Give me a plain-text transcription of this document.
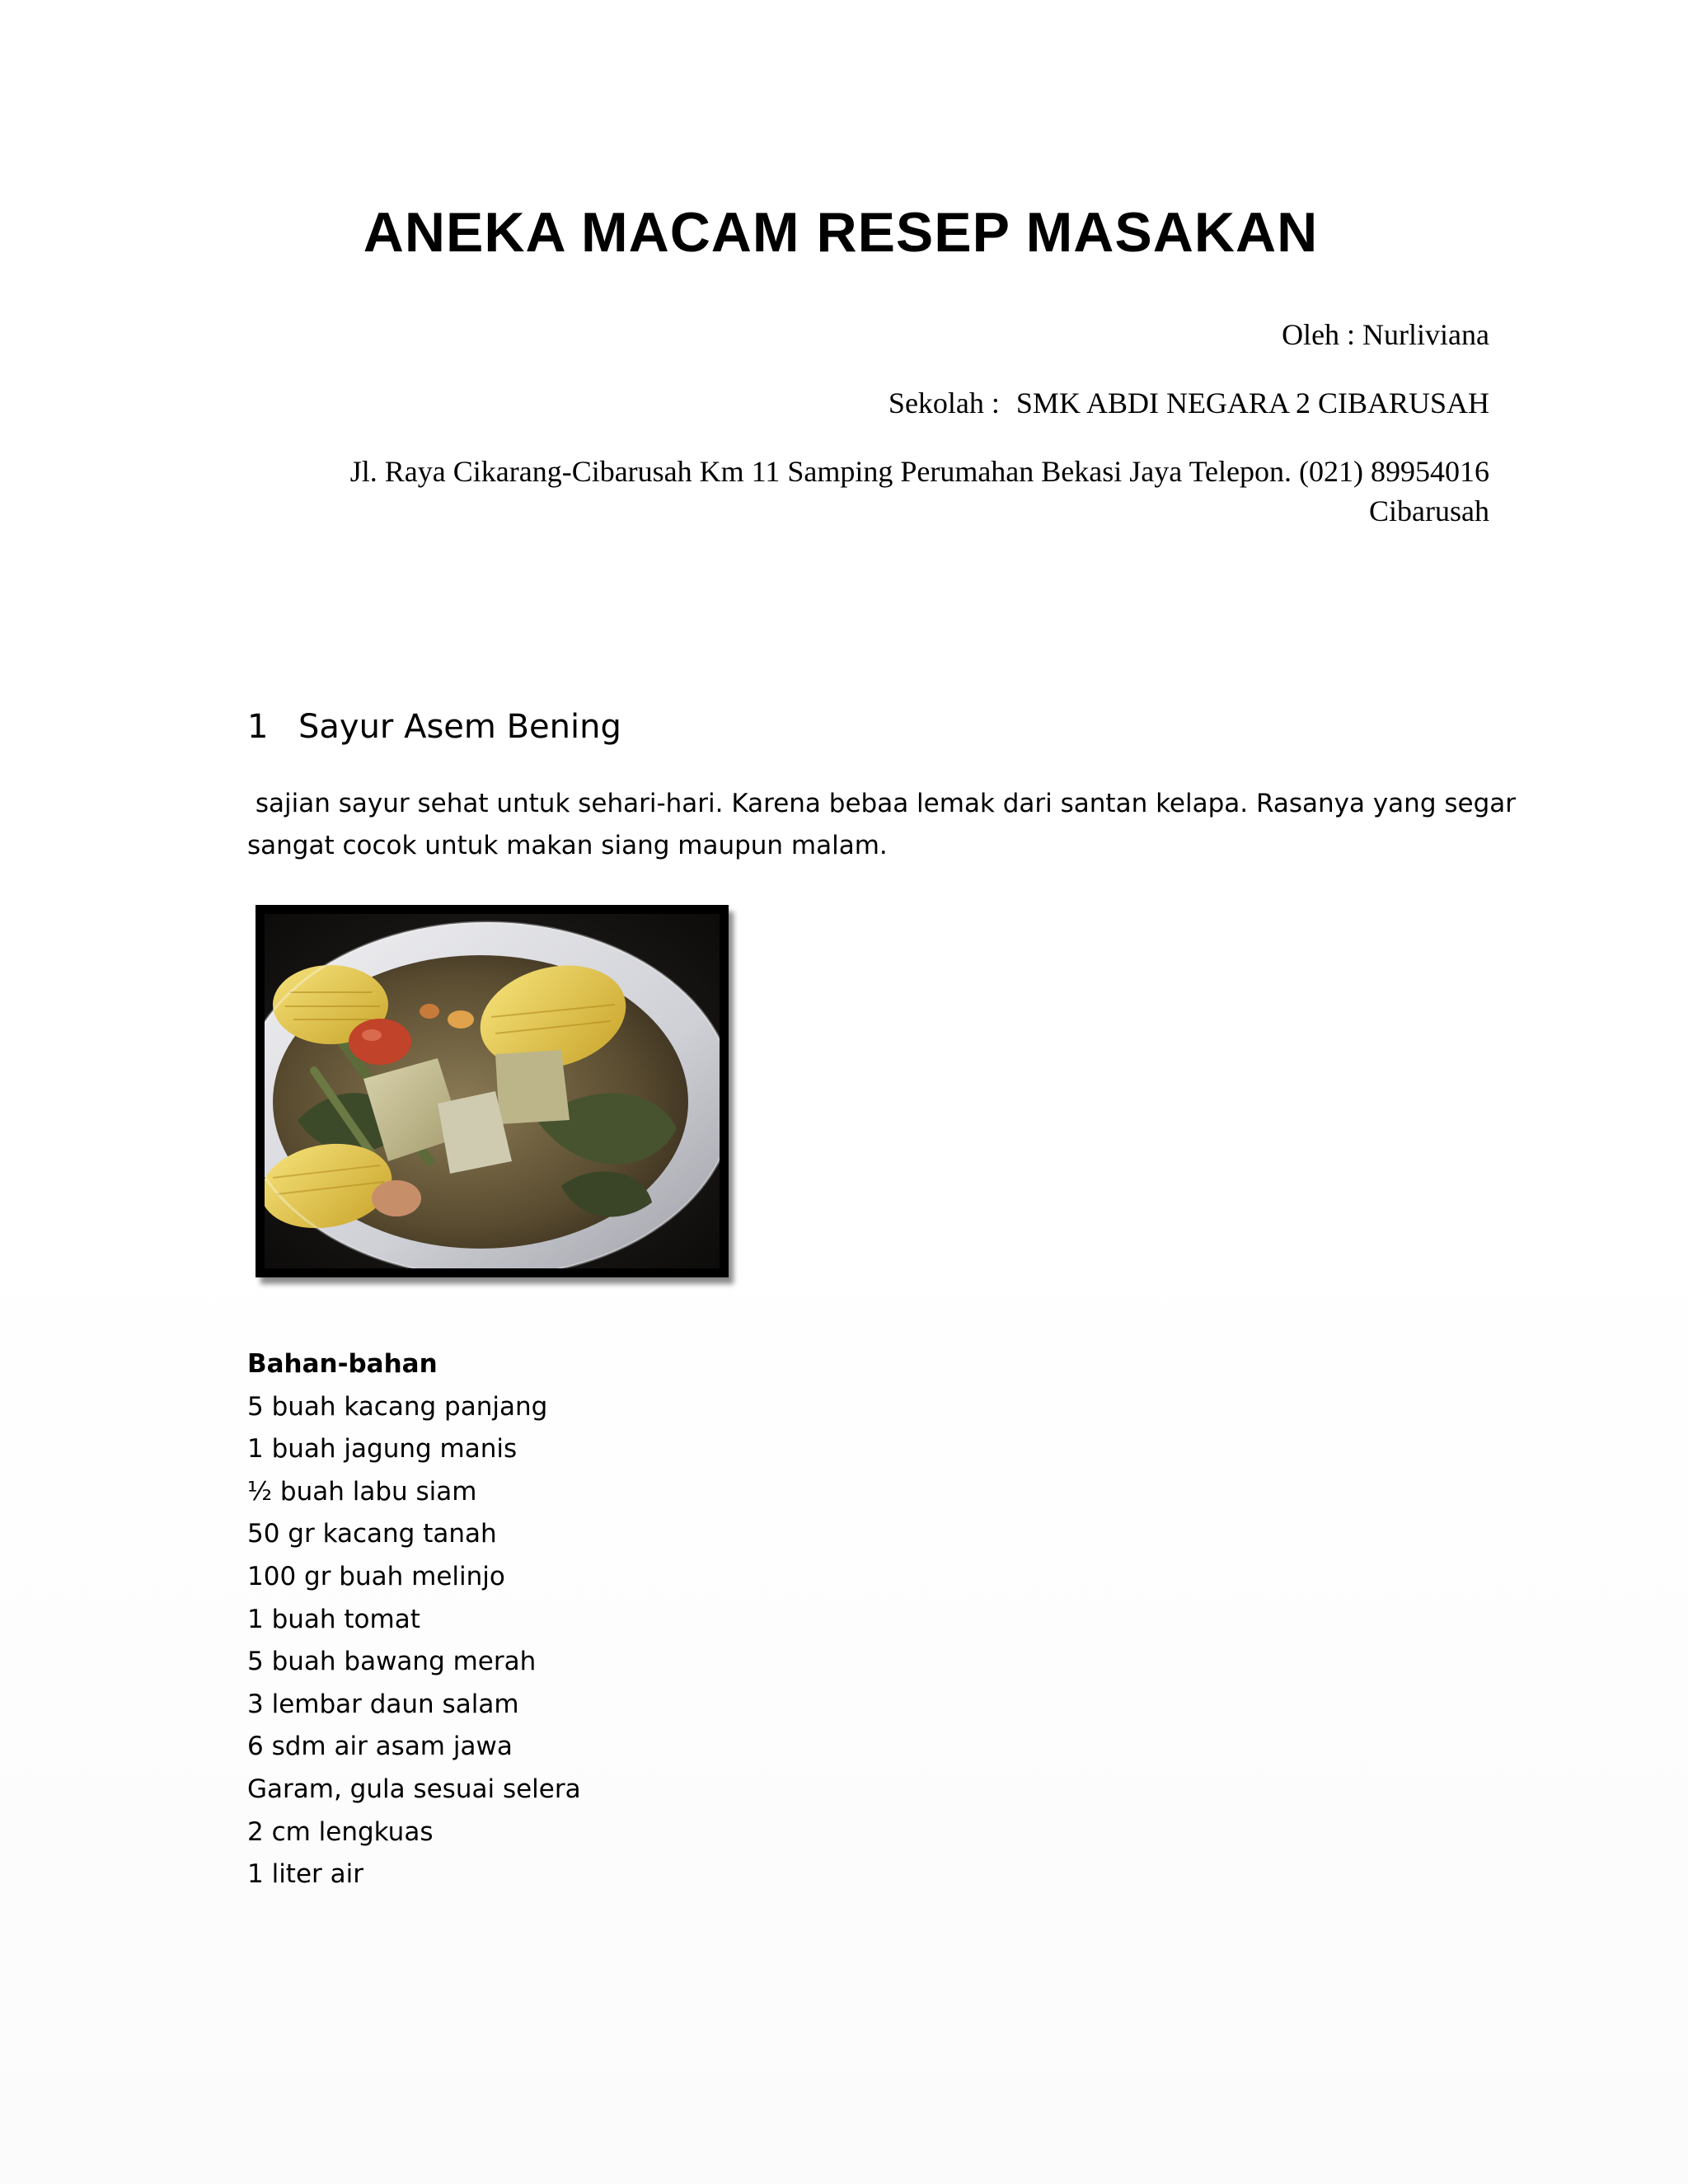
ANEKA MACAM RESEP MASAKAN
Oleh : Nurliviana
Sekolah : SMK ABDI NEGARA 2 CIBARUSAH
Jl. Raya Cikarang-Cibarusah Km 11 Samping Perumahan Bekasi Jaya Telepon. (021) 89954016
Cibarusah
1 Sayur Asem Bening
sajian sayur sehat untuk sehari-hari. Karena bebaa lemak dari santan kelapa. Rasanya yang segar
sangat cocok untuk makan siang maupun malam.
Bahan-bahan
5 buah kacang panjang
1 buah jagung manis
½ buah labu siam
50 gr kacang tanah
100 gr buah melinjo
1 buah tomat
5 buah bawang merah
3 lembar daun salam
6 sdm air asam jawa
Garam, gula sesuai selera
2 cm lengkuas
1 liter air
